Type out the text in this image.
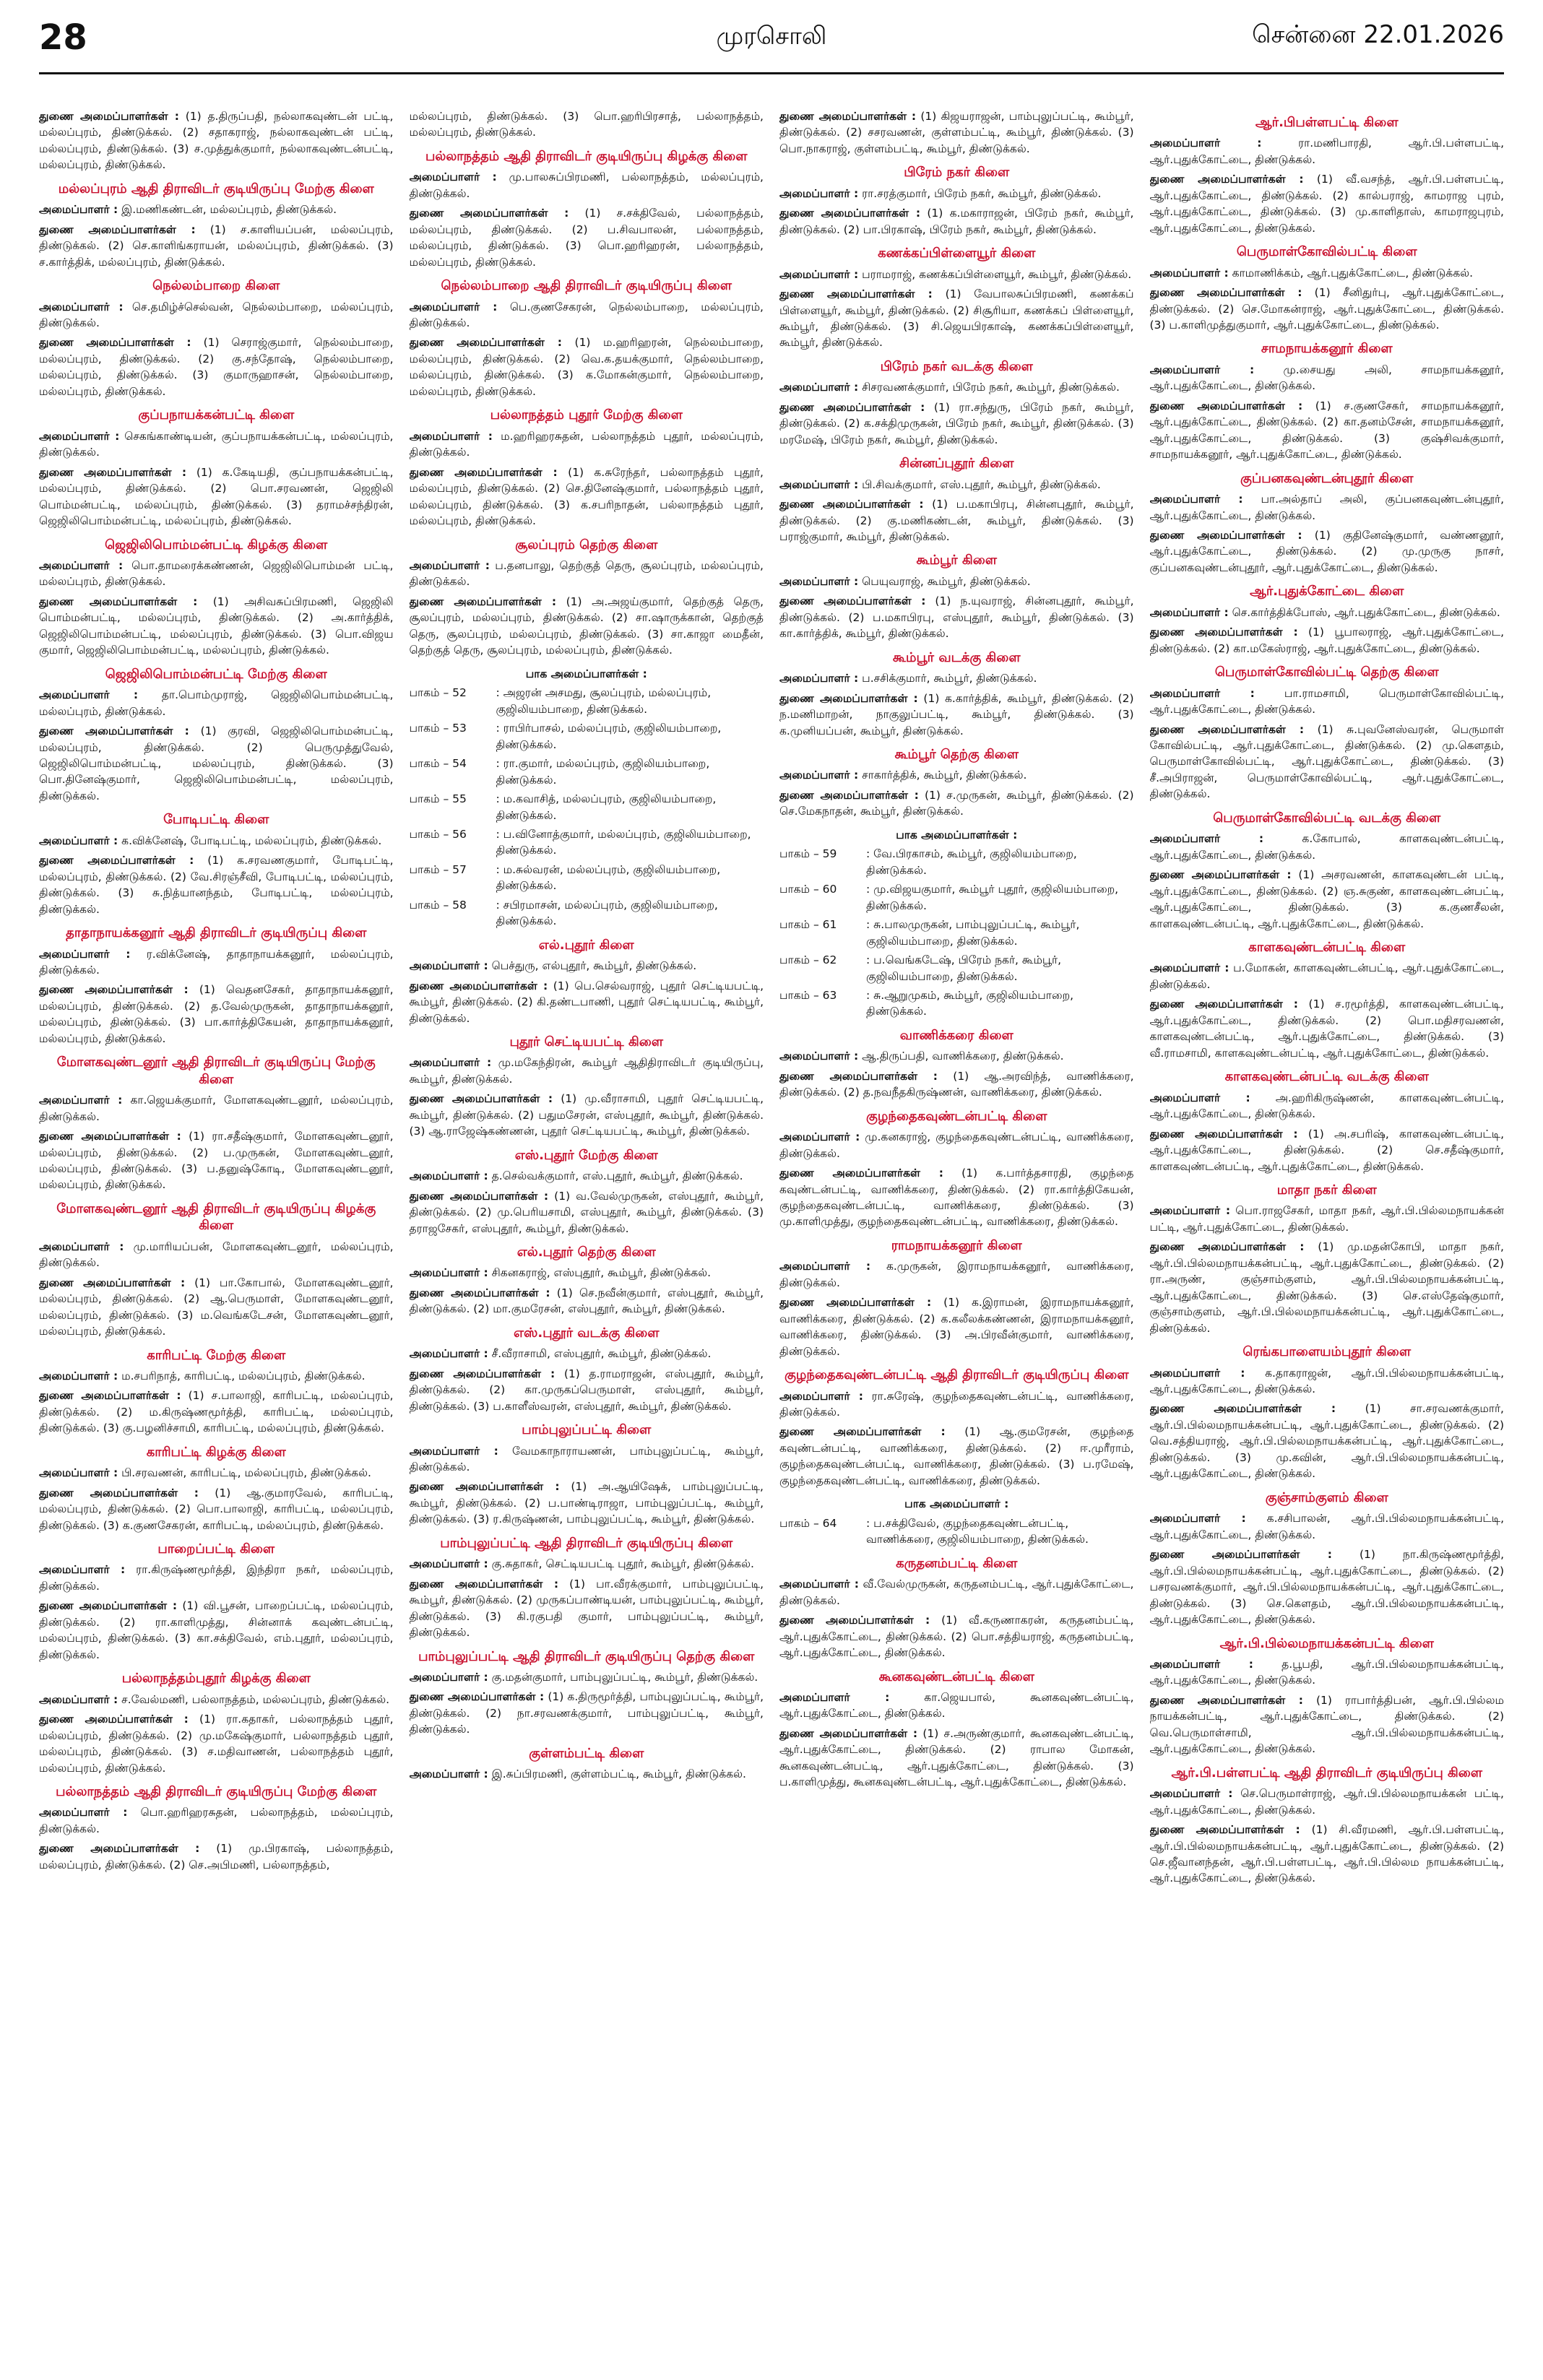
28	முரசொலி	சென்னை 22.01.2026
துணை அமைப்பாளர்கள் : (1) த.திருப்பதி, நல்லாகவுண்டன் பட்டி, மல்லப்புரம், திண்டுக்கல். (2) சதாகராஜ், நல்லாகவுண்டன் பட்டி, மல்லப்புரம், திண்டுக்கல். (3) ச.முத்துக்குமார், நல்லாகவுண்டன்பட்டி, மல்லப்புரம், திண்டுக்கல்.
மல்லப்புரம் ஆதி திராவிடர் குடியிருப்பு மேற்கு கிளை
அமைப்பாளர் : இ.மணிகண்டன், மல்லப்புரம், திண்டுக்கல்.
துணை அமைப்பாளர்கள் : (1) ச.காளியப்பன், மல்லப்புரம், திண்டுக்கல். (2) செ.காளிங்கராயன், மல்லப்புரம், திண்டுக்கல். (3) ச.கார்த்திக், மல்லப்புரம், திண்டுக்கல்.
நெல்லம்பாறை கிளை
அமைப்பாளர் : செ.தமிழ்ச்செல்வன், நெல்லம்பாறை, மல்லப்புரம், திண்டுக்கல்.
துணை அமைப்பாளர்கள் : (1) செராஜ்குமார், நெல்லம்பாறை, மல்லப்புரம், திண்டுக்கல். (2) கு.சந்தோஷ், நெல்லம்பாறை, மல்லப்புரம், திண்டுக்கல். (3) குமாருஹாசன், நெல்லம்பாறை, மல்லப்புரம், திண்டுக்கல்.
குப்பநாயக்கன்பட்டி கிளை
அமைப்பாளர் : செகங்காண்டியன், குப்பநாயக்கன்பட்டி, மல்லப்புரம், திண்டுக்கல்.
துணை அமைப்பாளர்கள் : (1) க.கேடியதி, குப்பநாயக்கன்பட்டி, மல்லப்புரம், திண்டுக்கல். (2) பொ.சரவணன், ஜெஜிலி பொம்மன்பட்டி, மல்லப்புரம், திண்டுக்கல். (3) தராமச்சந்திரன், ஜெஜிலிபொம்மன்பட்டி, மல்லப்புரம், திண்டுக்கல்.
ஜெஜிலிபொம்மன்பட்டி கிழக்கு கிளை
அமைப்பாளர் : பொ.தாமரைக்கண்ணன், ஜெஜிலிபொம்மன் பட்டி, மல்லப்புரம், திண்டுக்கல்.
துணை அமைப்பாளர்கள் : (1) அசிவசுப்பிரமணி, ஜெஜிலி பொம்மன்பட்டி, மல்லப்புரம், திண்டுக்கல். (2) அ.கார்த்திக், ஜெஜிலிபொம்மன்பட்டி, மல்லப்புரம், திண்டுக்கல். (3) பொ.விஜய குமார், ஜெஜிலிபொம்மன்பட்டி, மல்லப்புரம், திண்டுக்கல்.
ஜெஜிலிபொம்மன்பட்டி மேற்கு கிளை
அமைப்பாளர் : தா.பொம்முராஜ், ஜெஜிலிபொம்மன்பட்டி, மல்லப்புரம், திண்டுக்கல்.
துணை அமைப்பாளர்கள் : (1) குரவி, ஜெஜிலிபொம்மன்பட்டி, மல்லப்புரம், திண்டுக்கல். (2) பெருமுத்துவேல், ஜெஜிலிபொம்மன்பட்டி, மல்லப்புரம், திண்டுக்கல். (3) பொ.தினேஷ்குமார், ஜெஜிலிபொம்மன்பட்டி, மல்லப்புரம், திண்டுக்கல்.
போடிபட்டி கிளை
அமைப்பாளர் : க.விக்னேஷ், போடிபட்டி, மல்லப்புரம், திண்டுக்கல்.
துணை அமைப்பாளர்கள் : (1) க.சரவணகுமார், போடிபட்டி, மல்லப்புரம், திண்டுக்கல். (2) வே.சிரஞ்சீவி, போடிபட்டி, மல்லப்புரம், திண்டுக்கல். (3) சு.நித்யானந்தம், போடிபட்டி, மல்லப்புரம், திண்டுக்கல்.
தாதாநாயக்கனூர் ஆதி திராவிடர் குடியிருப்பு கிளை
அமைப்பாளர் : ர.விக்னேஷ், தாதாநாயக்கனூர், மல்லப்புரம், திண்டுக்கல்.
துணை அமைப்பாளர்கள் : (1) வெதனசேகர், தாதாநாயக்கனூர், மல்லப்புரம், திண்டுக்கல். (2) த.வேல்முருகன், தாதாநாயக்கனூர், மல்லப்புரம், திண்டுக்கல். (3) பா.கார்த்திகேயன், தாதாநாயக்கனூர், மல்லப்புரம், திண்டுக்கல்.
மோளகவுண்டனூர் ஆதி திராவிடர் குடியிருப்பு மேற்கு கிளை
அமைப்பாளர் : கா.ஜெயக்குமார், மோளகவுண்டனூர், மல்லப்புரம், திண்டுக்கல்.
துணை அமைப்பாளர்கள் : (1) ரா.சதீஷ்குமார், மோளகவுண்டனூர், மல்லப்புரம், திண்டுக்கல். (2) ப.முருகன், மோளகவுண்டனூர், மல்லப்புரம், திண்டுக்கல். (3) ப.தனுஷ்கோடி, மோளகவுண்டனூர், மல்லப்புரம், திண்டுக்கல்.
மோளகவுண்டனூர் ஆதி திராவிடர் குடியிருப்பு கிழக்கு கிளை
அமைப்பாளர் : மு.மாரியப்பன், மோளகவுண்டனூர், மல்லப்புரம், திண்டுக்கல்.
துணை அமைப்பாளர்கள் : (1) பா.கோபால், மோளகவுண்டனூர், மல்லப்புரம், திண்டுக்கல். (2) ஆ.பெருமாள், மோளகவுண்டனூர், மல்லப்புரம், திண்டுக்கல். (3) ம.வெங்கடேசன், மோளகவுண்டனூர், மல்லப்புரம், திண்டுக்கல்.
காரிபட்டி மேற்கு கிளை
அமைப்பாளர் : ம.சபரிநாத், காரிபட்டி, மல்லப்புரம், திண்டுக்கல்.
துணை அமைப்பாளர்கள் : (1) ச.பாலாஜி, காரிபட்டி, மல்லப்புரம், திண்டுக்கல். (2) ம.கிருஷ்ணமூர்த்தி, காரிபட்டி, மல்லப்புரம், திண்டுக்கல். (3) கு.பழனிச்சாமி, காரிபட்டி, மல்லப்புரம், திண்டுக்கல்.
காரிபட்டி கிழக்கு கிளை
அமைப்பாளர் : பி.சரவணன், காரிபட்டி, மல்லப்புரம், திண்டுக்கல்.
துணை அமைப்பாளர்கள் : (1) ஆ.குமாரவேல், காரிபட்டி, மல்லப்புரம், திண்டுக்கல். (2) பொ.பாலாஜி, காரிபட்டி, மல்லப்புரம், திண்டுக்கல். (3) க.குணசேகரன், காரிபட்டி, மல்லப்புரம், திண்டுக்கல்.
பாறைப்பட்டி கிளை
அமைப்பாளர் : ரா.கிருஷ்ணமூர்த்தி, இந்திரா நகர், மல்லப்புரம், திண்டுக்கல்.
துணை அமைப்பாளர்கள் : (1) வி.பூசன், பாறைப்பட்டி, மல்லப்புரம், திண்டுக்கல். (2) ரா.காளிமுத்து, சின்னாக் கவுண்டன்பட்டி, மல்லப்புரம், திண்டுக்கல். (3) கா.சக்திவேல், எம்.புதூர், மல்லப்புரம், திண்டுக்கல்.
பல்லாநத்தம்புதூர் கிழக்கு கிளை
அமைப்பாளர் : ச.வேல்மணி, பல்லாநத்தம், மல்லப்புரம், திண்டுக்கல்.
துணை அமைப்பாளர்கள் : (1) ரா.கதாகர், பல்லாநத்தம் புதூர், மல்லப்புரம், திண்டுக்கல். (2) மு.மகேஷ்குமார், பல்லாநத்தம் புதூர், மல்லப்புரம், திண்டுக்கல். (3) ச.மதிவாணன், பல்லாநத்தம் புதூர், மல்லப்புரம், திண்டுக்கல்.
பல்லாநத்தம் ஆதி திராவிடர் குடியிருப்பு மேற்கு கிளை
அமைப்பாளர் : பொ.ஹரிஹரசுதன், பல்லாநத்தம், மல்லப்புரம், திண்டுக்கல்.
துணை அமைப்பாளர்கள் : (1) மு.பிரகாஷ், பல்லாநத்தம், மல்லப்புரம், திண்டுக்கல். (2) செ.அபிமணி, பல்லாநத்தம்,
மல்லப்புரம், திண்டுக்கல். (3) பொ.ஹரிபிரசாத், பல்லாநத்தம், மல்லப்புரம், திண்டுக்கல்.
பல்லாநத்தம் ஆதி திராவிடர் குடியிருப்பு கிழக்கு கிளை
அமைப்பாளர் : மு.பாலசுப்பிரமணி, பல்லாநத்தம், மல்லப்புரம், திண்டுக்கல்.
துணை அமைப்பாளர்கள் : (1) ச.சக்திவேல், பல்லாநத்தம், மல்லப்புரம், திண்டுக்கல். (2) ப.சிவபாலன், பல்லாநத்தம், மல்லப்புரம், திண்டுக்கல். (3) பொ.ஹரிஹரன், பல்லாநத்தம், மல்லப்புரம், திண்டுக்கல்.
நெல்லம்பாறை ஆதி திராவிடர் குடியிருப்பு கிளை
அமைப்பாளர் : பெ.குணசேகரன், நெல்லம்பாறை, மல்லப்புரம், திண்டுக்கல்.
துணை அமைப்பாளர்கள் : (1) ம.ஹரிஹரன், நெல்லம்பாறை, மல்லப்புரம், திண்டுக்கல். (2) வெ.க.தயக்குமார், நெல்லம்பாறை, மல்லப்புரம், திண்டுக்கல். (3) க.மோகன்குமார், நெல்லம்பாறை, மல்லப்புரம், திண்டுக்கல்.
பல்லாநத்தம் புதூர் மேற்கு கிளை
அமைப்பாளர் : ம.ஹரிஹரசுதன், பல்லாநத்தம் புதூர், மல்லப்புரம், திண்டுக்கல்.
துணை அமைப்பாளர்கள் : (1) க.சுரேந்தர், பல்லாநத்தம் புதூர், மல்லப்புரம், திண்டுக்கல். (2) செ.தினேஷ்குமார், பல்லாநத்தம் புதூர், மல்லப்புரம், திண்டுக்கல். (3) க.சபரிநாதன், பல்லாநத்தம் புதூர், மல்லப்புரம், திண்டுக்கல்.
சூலப்புரம் தெற்கு கிளை
அமைப்பாளர் : ப.தனபாலு, தெற்குத் தெரு, சூலப்புரம், மல்லப்புரம், திண்டுக்கல்.
துணை அமைப்பாளர்கள் : (1) அ.அஜய்குமார், தெற்குத் தெரு, சூலப்புரம், மல்லப்புரம், திண்டுக்கல். (2) சா.ஷாருக்கான், தெற்குத் தெரு, சூலப்புரம், மல்லப்புரம், திண்டுக்கல். (3) சா.காஜா மைதீன், தெற்குத் தெரு, சூலப்புரம், மல்லப்புரம், திண்டுக்கல்.
பாக அமைப்பாளர்கள் :
பாகம் – 52	: அஜரன் அசமது, சூலப்புரம், மல்லப்புரம், குஜிலியம்பாறை, திண்டுக்கல்.
பாகம் – 53	: ராபிர்பாசல், மல்லப்புரம், குஜிலியம்பாறை, திண்டுக்கல்.
பாகம் – 54	: ரா.குமார், மல்லப்புரம், குஜிலியம்பாறை, திண்டுக்கல்.
பாகம் – 55	: ம.கவாசித், மல்லப்புரம், குஜிலியம்பாறை, திண்டுக்கல்.
பாகம் – 56	: ப.வினோத்குமார், மல்லப்புரம், குஜிலியம்பாறை, திண்டுக்கல்.
பாகம் – 57	: ம.சுல்வரன், மல்லப்புரம், குஜிலியம்பாறை, திண்டுக்கல்.
பாகம் – 58	: சபிரமாசன், மல்லப்புரம், குஜிலியம்பாறை, திண்டுக்கல்.
எல்.புதூர் கிளை
அமைப்பாளர் : பெச்துரு, எல்புதூர், கூம்பூர், திண்டுக்கல்.
துணை அமைப்பாளர்கள் : (1) பெ.செல்வராஜ், புதூர் செட்டியபட்டி, கூம்பூர், திண்டுக்கல். (2) கி.தண்டபாணி, புதூர் செட்டியபட்டி, கூம்பூர், திண்டுக்கல்.
புதூர் செட்டியபட்டி கிளை
அமைப்பாளர் : மு.மகேந்திரன், கூம்பூர் ஆதிதிராவிடர் குடியிருப்பு, கூம்பூர், திண்டுக்கல்.
துணை அமைப்பாளர்கள் : (1) மு.வீராசாமி, புதூர் செட்டியபட்டி, கூம்பூர், திண்டுக்கல். (2) பதுமசேரன், எஸ்புதூர், கூம்பூர், திண்டுக்கல். (3) ஆ.ராஜேஷ்கண்ணன், புதூர் செட்டியபட்டி, கூம்பூர், திண்டுக்கல்.
எஸ்.புதூர் மேற்கு கிளை
அமைப்பாளர் : த.செல்வக்குமார், எஸ்.புதூர், கூம்பூர், திண்டுக்கல்.
துணை அமைப்பாளர்கள் : (1) வ.வேல்முருகன், எஸ்புதூர், கூம்பூர், திண்டுக்கல். (2) மு.பெரியசாமி, எஸ்புதூர், கூம்பூர், திண்டுக்கல். (3) தராஜசேகர், எஸ்புதூர், கூம்பூர், திண்டுக்கல்.
எல்.புதூர் தெற்கு கிளை
அமைப்பாளர் : சிகனகராஜ், எஸ்புதூர், கூம்பூர், திண்டுக்கல்.
துணை அமைப்பாளர்கள் : (1) செ.நவீன்குமார், எஸ்புதூர், கூம்பூர், திண்டுக்கல். (2) மா.குமரேசன், எஸ்புதூர், கூம்பூர், திண்டுக்கல்.
எஸ்.புதூர் வடக்கு கிளை
அமைப்பாளர் : சீ.வீராசாமி, எஸ்புதூர், கூம்பூர், திண்டுக்கல்.
துணை அமைப்பாளர்கள் : (1) த.ராமராஜன், எஸ்புதூர், கூம்பூர், திண்டுக்கல். (2) கா.முருகப்பெருமாள், எஸ்புதூர், கூம்பூர், திண்டுக்கல். (3) ப.காளீஸ்வரன், எஸ்புதூர், கூம்பூர், திண்டுக்கல்.
பாம்புலுப்பட்டி கிளை
அமைப்பாளர் : வேமகாநாராயணன், பாம்புலுப்பட்டி, கூம்பூர், திண்டுக்கல்.
துணை அமைப்பாளர்கள் : (1) அ.ஆயிஷேக், பாம்புலுப்பட்டி, கூம்பூர், திண்டுக்கல். (2) ப.பாண்டிராஜா, பாம்புலுப்பட்டி, கூம்பூர், திண்டுக்கல். (3) ர.கிருஷ்ணன், பாம்புலுப்பட்டி, கூம்பூர், திண்டுக்கல்.
பாம்புலுப்பட்டி ஆதி திராவிடர் குடியிருப்பு கிளை
அமைப்பாளர் : கு.சுதாகர், செட்டியபட்டி புதூர், கூம்பூர், திண்டுக்கல்.
துணை அமைப்பாளர்கள் : (1) பா.வீரக்குமார், பாம்புலுப்பட்டி, கூம்பூர், திண்டுக்கல். (2) முருகப்பாண்டியன், பாம்புலுப்பட்டி, கூம்பூர், திண்டுக்கல். (3) கி.ரகுபதி குமார், பாம்புலுப்பட்டி, கூம்பூர், திண்டுக்கல்.
பாம்புலுப்பட்டி ஆதி திராவிடர் குடியிருப்பு தெற்கு கிளை
அமைப்பாளர் : கு.மதன்குமார், பாம்புலுப்பட்டி, கூம்பூர், திண்டுக்கல்.
துணை அமைப்பாளர்கள் : (1) க.திருமூர்த்தி, பாம்புலுப்பட்டி, கூம்பூர், திண்டுக்கல். (2) நா.சரவணக்குமார், பாம்புலுப்பட்டி, கூம்பூர், திண்டுக்கல்.
குள்ளம்பட்டி கிளை
அமைப்பாளர் : இ.சுப்பிரமணி, குள்ளம்பட்டி, கூம்பூர், திண்டுக்கல்.
துணை அமைப்பாளர்கள் : (1) கிஜயராஜன், பாம்புலுப்பட்டி, கூம்பூர், திண்டுக்கல். (2) சசரவணன், குள்ளம்பட்டி, கூம்பூர், திண்டுக்கல். (3) பொ.நாகராஜ், குள்ளம்பட்டி, கூம்பூர், திண்டுக்கல்.
பிரேம் நகர் கிளை
அமைப்பாளர் : ரா.சரத்குமார், பிரேம் நகர், கூம்பூர், திண்டுக்கல்.
துணை அமைப்பாளர்கள் : (1) க.மகாராஜன், பிரேம் நகர், கூம்பூர், திண்டுக்கல். (2) பா.பிரகாஷ், பிரேம் நகர், கூம்பூர், திண்டுக்கல்.
கணக்கப்பிள்ளையூர் கிளை
அமைப்பாளர் : பராமராஜ், கணக்கப்பிள்ளையூர், கூம்பூர், திண்டுக்கல்.
துணை அமைப்பாளர்கள் : (1) வேபாலசுப்பிரமணி, கணக்கப் பிள்ளையூர், கூம்பூர், திண்டுக்கல். (2) சிசூரியா, கணக்கப் பிள்ளையூர், கூம்பூர், திண்டுக்கல். (3) சி.ஜெயபிரகாஷ், கணக்கப்பிள்ளையூர், கூம்பூர், திண்டுக்கல்.
பிரேம் நகர் வடக்கு கிளை
அமைப்பாளர் : சிசரவணக்குமார், பிரேம் நகர், கூம்பூர், திண்டுக்கல்.
துணை அமைப்பாளர்கள் : (1) ரா.சந்துரு, பிரேம் நகர், கூம்பூர், திண்டுக்கல். (2) க.சக்திமுருகன், பிரேம் நகர், கூம்பூர், திண்டுக்கல். (3) மரமேஷ், பிரேம் நகர், கூம்பூர், திண்டுக்கல்.
சின்னப்புதூர் கிளை
அமைப்பாளர் : பி.சிவக்குமார், எஸ்.புதூர், கூம்பூர், திண்டுக்கல்.
துணை அமைப்பாளர்கள் : (1) ப.மகாபிரபு, சின்னபுதூர், கூம்பூர், திண்டுக்கல். (2) கு.மணிகண்டன், கூம்பூர், திண்டுக்கல். (3) பராஜ்குமார், கூம்பூர், திண்டுக்கல்.
கூம்பூர் கிளை
அமைப்பாளர் : பெயுவராஜ், கூம்பூர், திண்டுக்கல்.
துணை அமைப்பாளர்கள் : (1) ந.யுவராஜ், சின்னபுதூர், கூம்பூர், திண்டுக்கல். (2) ப.மகாபிரபு, எஸ்புதூர், கூம்பூர், திண்டுக்கல். (3) கா.கார்த்திக், கூம்பூர், திண்டுக்கல்.
கூம்பூர் வடக்கு கிளை
அமைப்பாளர் : ப.சசிக்குமார், கூம்பூர், திண்டுக்கல்.
துணை அமைப்பாளர்கள் : (1) க.கார்த்திக், கூம்பூர், திண்டுக்கல். (2) ந.மணிமாறன், நாகுலுப்பட்டி, கூம்பூர், திண்டுக்கல். (3) க.முனியப்பன், கூம்பூர், திண்டுக்கல்.
கூம்பூர் தெற்கு கிளை
அமைப்பாளர் : சாகார்த்திக், கூம்பூர், திண்டுக்கல்.
துணை அமைப்பாளர்கள் : (1) ச.முருகன், கூம்பூர், திண்டுக்கல். (2) செ.மேகநாதன், கூம்பூர், திண்டுக்கல்.
பாக அமைப்பாளர்கள் :
பாகம் – 59	: வே.பிரகாசம், கூம்பூர், குஜிலியம்பாறை, திண்டுக்கல்.
பாகம் – 60	: மு.விஜயகுமார், கூம்பூர் புதூர், குஜிலியம்பாறை, திண்டுக்கல்.
பாகம் – 61	: சு.பாலமுருகன், பாம்புலுப்பட்டி, கூம்பூர், குஜிலியம்பாறை, திண்டுக்கல்.
பாகம் – 62	: ப.வெங்கடேஷ், பிரேம் நகர், கூம்பூர், குஜிலியம்பாறை, திண்டுக்கல்.
பாகம் – 63	: சு.ஆறுமுகம், கூம்பூர், குஜிலியம்பாறை, திண்டுக்கல்.
வாணிக்கரை கிளை
அமைப்பாளர் : ஆ.திருப்பதி, வாணிக்கரை, திண்டுக்கல்.
துணை அமைப்பாளர்கள் : (1) ஆ.அரவிந்த், வாணிக்கரை, திண்டுக்கல். (2) த.நவநீதகிருஷ்ணன், வாணிக்கரை, திண்டுக்கல்.
குழந்தைகவுண்டன்பட்டி கிளை
அமைப்பாளர் : மு.கனகராஜ், குழந்தைகவுண்டன்பட்டி, வாணிக்கரை, திண்டுக்கல்.
துணை அமைப்பாளர்கள் : (1) க.பார்த்தசாரதி, குழந்தை கவுண்டன்பட்டி, வாணிக்கரை, திண்டுக்கல். (2) ரா.கார்த்திகேயன், குழந்தைகவுண்டன்பட்டி, வாணிக்கரை, திண்டுக்கல். (3) மு.காளிமுத்து, குழந்தைகவுண்டன்பட்டி, வாணிக்கரை, திண்டுக்கல்.
ராமநாயக்கனூர் கிளை
அமைப்பாளர் : க.முருகன், இராமநாயக்கனூர், வாணிக்கரை, திண்டுக்கல்.
துணை அமைப்பாளர்கள் : (1) க.இராமன், இராமநாயக்கனூர், வாணிக்கரை, திண்டுக்கல். (2) க.கலீலக்கண்ணன், இராமநாயக்கனூர், வாணிக்கரை, திண்டுக்கல். (3) அ.பிரவீன்குமார், வாணிக்கரை, திண்டுக்கல்.
குழந்தைகவுண்டன்பட்டி ஆதி திராவிடர் குடியிருப்பு கிளை
அமைப்பாளர் : ரா.சுரேஷ், குழந்தைகவுண்டன்பட்டி, வாணிக்கரை, திண்டுக்கல்.
துணை அமைப்பாளர்கள் : (1) ஆ.குமரேசன், குழந்தை கவுண்டன்பட்டி, வாணிக்கரை, திண்டுக்கல். (2) ஈ.முரீராம், குழந்தைகவுண்டன்பட்டி, வாணிக்கரை, திண்டுக்கல். (3) ப.ரமேஷ், குழந்தைகவுண்டன்பட்டி, வாணிக்கரை, திண்டுக்கல்.
பாக அமைப்பாளர் :
பாகம் – 64	: ப.சக்திவேல், குழந்தைகவுண்டன்பட்டி, வாணிக்கரை, குஜிலியம்பாறை, திண்டுக்கல்.
கருதனம்பட்டி கிளை
அமைப்பாளர் : வீ.வேல்முருகன், கருதனம்பட்டி, ஆர்.புதுக்கோட்டை, திண்டுக்கல்.
துணை அமைப்பாளர்கள் : (1) வீ.கருணாகரன், கருதனம்பட்டி, ஆர்.புதுக்கோட்டை, திண்டுக்கல். (2) பொ.சத்தியராஜ், கருதனம்பட்டி, ஆர்.புதுக்கோட்டை, திண்டுக்கல்.
கூனகவுண்டன்பட்டி கிளை
அமைப்பாளர் :	கா.ஜெயபால், கூனகவுண்டன்பட்டி, ஆர்.புதுக்கோட்டை, திண்டுக்கல்.
துணை அமைப்பாளர்கள் : (1) ச.அருண்குமார், கூனகவுண்டன்பட்டி, ஆர்.புதுக்கோட்டை, திண்டுக்கல். (2) ராபால மோகன், கூனகவுண்டன்பட்டி, ஆர்.புதுக்கோட்டை, திண்டுக்கல். (3) ப.காளிமுத்து, கூனகவுண்டன்பட்டி, ஆர்.புதுக்கோட்டை, திண்டுக்கல்.
ஆர்.பிபள்ளபட்டி கிளை
அமைப்பாளர் :	ரா.மணிபாரதி, ஆர்.பி.பள்ளபட்டி, ஆர்.புதுக்கோட்டை, திண்டுக்கல்.
துணை அமைப்பாளர்கள் : (1) வீ.வசந்த், ஆர்.பி.பள்ளபட்டி, ஆர்.புதுக்கோட்டை, திண்டுக்கல். (2) கால்பராஜ், காமராஜ புரம், ஆர்.புதுக்கோட்டை, திண்டுக்கல். (3) மு.காளிதாஸ், காமராஜபுரம், ஆர்.புதுக்கோட்டை, திண்டுக்கல்.
பெருமாள்கோவில்பட்டி கிளை
அமைப்பாளர் : காமாணிக்கம், ஆர்.புதுக்கோட்டை, திண்டுக்கல்.
துணை அமைப்பாளர்கள் : (1) சீனிதுர்பு, ஆர்.புதுக்கோட்டை, திண்டுக்கல். (2) செ.மோகன்ராஜ், ஆர்.புதுக்கோட்டை, திண்டுக்கல். (3) ப.காளிமுத்துகுமார், ஆர்.புதுக்கோட்டை, திண்டுக்கல்.
சாமநாயக்கனூர் கிளை
அமைப்பாளர் :	மு.சையது அலி, சாமநாயக்கனூர், ஆர்.புதுக்கோட்டை, திண்டுக்கல்.
துணை அமைப்பாளர்கள் : (1) ச.குணசேகர், சாமநாயக்கனூர், ஆர்.புதுக்கோட்டை, திண்டுக்கல். (2) கா.தனம்சேன், சாமநாயக்கனூர், ஆர்.புதுக்கோட்டை, திண்டுக்கல். (3) குஷ்சிவக்குமார், சாமநாயக்கனூர், ஆர்.புதுக்கோட்டை, திண்டுக்கல்.
குப்பனகவுண்டன்புதூர் கிளை
அமைப்பாளர் : பா.அல்தாப் அலி, குப்பனகவுண்டன்புதூர், ஆர்.புதுக்கோட்டை, திண்டுக்கல்.
துணை அமைப்பாளர்கள் : (1) குதினேஷ்குமார், வண்ணனூர், ஆர்.புதுக்கோட்டை, திண்டுக்கல். (2) மு.முருகு நாசர், குப்பனகவுண்டன்புதூர், ஆர்.புதுக்கோட்டை, திண்டுக்கல்.
ஆர்.புதுக்கோட்டை கிளை
அமைப்பாளர் : செ.கார்த்திக்போஸ், ஆர்.புதுக்கோட்டை, திண்டுக்கல்.
துணை அமைப்பாளர்கள் : (1) பூபாலராஜ், ஆர்.புதுக்கோட்டை, திண்டுக்கல். (2) கா.மகேஸ்ராஜ், ஆர்.புதுக்கோட்டை, திண்டுக்கல்.
பெருமாள்கோவில்பட்டி தெற்கு கிளை
அமைப்பாளர் :	பா.ராமசாமி, பெருமாள்கோவில்பட்டி, ஆர்.புதுக்கோட்டை, திண்டுக்கல்.
துணை அமைப்பாளர்கள் : (1) சு.புவனேஸ்வரன், பெருமாள் கோவில்பட்டி, ஆர்.புதுக்கோட்டை, திண்டுக்கல். (2) மு.கௌதம், பெருமாள்கோவில்பட்டி, ஆர்.புதுக்கோட்டை, திண்டுக்கல். (3) சீ.அபிராஜன், பெருமாள்கோவில்பட்டி, ஆர்.புதுக்கோட்டை, திண்டுக்கல்.
பெருமாள்கோவில்பட்டி வடக்கு கிளை
அமைப்பாளர் :	க.கோபால், காளகவுண்டன்பட்டி, ஆர்.புதுக்கோட்டை, திண்டுக்கல்.
துணை அமைப்பாளர்கள் : (1) அசரவணன், காளகவுண்டன் பட்டி, ஆர்.புதுக்கோட்டை, திண்டுக்கல். (2) ஞ.சுகுண், காளகவுண்டன்பட்டி, ஆர்.புதுக்கோட்டை, திண்டுக்கல். (3) க.குணசீலன், காளகவுண்டன்பட்டி, ஆர்.புதுக்கோட்டை, திண்டுக்கல்.
காளகவுண்டன்பட்டி கிளை
அமைப்பாளர் : ப.மோகன், காளகவுண்டன்பட்டி, ஆர்.புதுக்கோட்டை, திண்டுக்கல்.
துணை அமைப்பாளர்கள் : (1) ச.ரமூர்த்தி, காளகவுண்டன்பட்டி, ஆர்.புதுக்கோட்டை, திண்டுக்கல். (2) பொ.மதிசரவணன், காளகவுண்டன்பட்டி, ஆர்.புதுக்கோட்டை, திண்டுக்கல். (3) வீ.ராமசாமி, காளகவுண்டன்பட்டி, ஆர்.புதுக்கோட்டை, திண்டுக்கல்.
காளகவுண்டன்பட்டி வடக்கு கிளை
அமைப்பாளர் : அ.ஹரிகிருஷ்ணன், காளகவுண்டன்பட்டி, ஆர்.புதுக்கோட்டை, திண்டுக்கல்.
துணை அமைப்பாளர்கள் : (1) அ.சபரிஷ், காளகவுண்டன்பட்டி, ஆர்.புதுக்கோட்டை, திண்டுக்கல். (2) செ.சதீஷ்குமார், காளகவுண்டன்பட்டி, ஆர்.புதுக்கோட்டை, திண்டுக்கல்.
மாதா நகர் கிளை
அமைப்பாளர் : பொ.ராஜசேகர், மாதா நகர், ஆர்.பி.பில்லமநாயக்கன் பட்டி, ஆர்.புதுக்கோட்டை, திண்டுக்கல்.
துணை அமைப்பாளர்கள் : (1) மு.மதன்கோபி, மாதா நகர், ஆர்.பி.பில்லமநாயக்கன்பட்டி, ஆர்.புதுக்கோட்டை, திண்டுக்கல். (2) ரா.அருண், குஞ்சாம்குளம், ஆர்.பி.பில்லமநாயக்கன்பட்டி, ஆர்.புதுக்கோட்டை, திண்டுக்கல். (3) செ.எஸ்தேஷ்குமார், குஞ்சாம்குளம், ஆர்.பி.பில்லமநாயக்கன்பட்டி, ஆர்.புதுக்கோட்டை, திண்டுக்கல்.
ரெங்கபாளையம்புதூர் கிளை
அமைப்பாளர் : க.தாகராஜன், ஆர்.பி.பில்லமநாயக்கன்பட்டி, ஆர்.புதுக்கோட்டை, திண்டுக்கல்.
துணை அமைப்பாளர்கள் :	(1) சா.சரவணக்குமார், ஆர்.பி.பில்லமநாயக்கன்பட்டி, ஆர்.புதுக்கோட்டை, திண்டுக்கல். (2) வெ.சத்தியராஜ், ஆர்.பி.பில்லமநாயக்கன்பட்டி, ஆர்.புதுக்கோட்டை, திண்டுக்கல். (3) மு.கவின், ஆர்.பி.பில்லமநாயக்கன்பட்டி, ஆர்.புதுக்கோட்டை, திண்டுக்கல்.
குஞ்சாம்குளம் கிளை
அமைப்பாளர் : க.சசிபாலன், ஆர்.பி.பில்லமநாயக்கன்பட்டி, ஆர்.புதுக்கோட்டை, திண்டுக்கல்.
துணை அமைப்பாளர்கள் : (1) நா.கிருஷ்ணமூர்த்தி, ஆர்.பி.பில்லமநாயக்கன்பட்டி, ஆர்.புதுக்கோட்டை, திண்டுக்கல். (2) பசரவணக்குமார், ஆர்.பி.பில்லமநாயக்கன்பட்டி, ஆர்.புதுக்கோட்டை, திண்டுக்கல். (3) செ.கௌதம், ஆர்.பி.பில்லமநாயக்கன்பட்டி, ஆர்.புதுக்கோட்டை, திண்டுக்கல்.
ஆர்.பி.பில்லமநாயக்கன்பட்டி கிளை
அமைப்பாளர் :	த.பூபதி, ஆர்.பி.பில்லமநாயக்கன்பட்டி, ஆர்.புதுக்கோட்டை, திண்டுக்கல்.
துணை அமைப்பாளர்கள் : (1) ராபார்த்திபன், ஆர்.பி.பில்லம நாயக்கன்பட்டி, ஆர்.புதுக்கோட்டை, திண்டுக்கல். (2) வெ.பெருமாள்சாமி, ஆர்.பி.பில்லமநாயக்கன்பட்டி, ஆர்.புதுக்கோட்டை, திண்டுக்கல்.
ஆர்.பி.பள்ளபட்டி ஆதி திராவிடர் குடியிருப்பு கிளை
அமைப்பாளர் : செ.பெருமாள்ராஜ், ஆர்.பி.பில்லமநாயக்கன் பட்டி, ஆர்.புதுக்கோட்டை, திண்டுக்கல்.
துணை அமைப்பாளர்கள் : (1) சி.வீரமணி, ஆர்.பி.பள்ளபட்டி, ஆர்.பி.பில்லமநாயக்கன்பட்டி, ஆர்.புதுக்கோட்டை, திண்டுக்கல். (2) செ.ஜீவானந்தன், ஆர்.பி.பள்ளபட்டி, ஆர்.பி.பில்லம நாயக்கன்பட்டி, ஆர்.புதுக்கோட்டை, திண்டுக்கல்.
